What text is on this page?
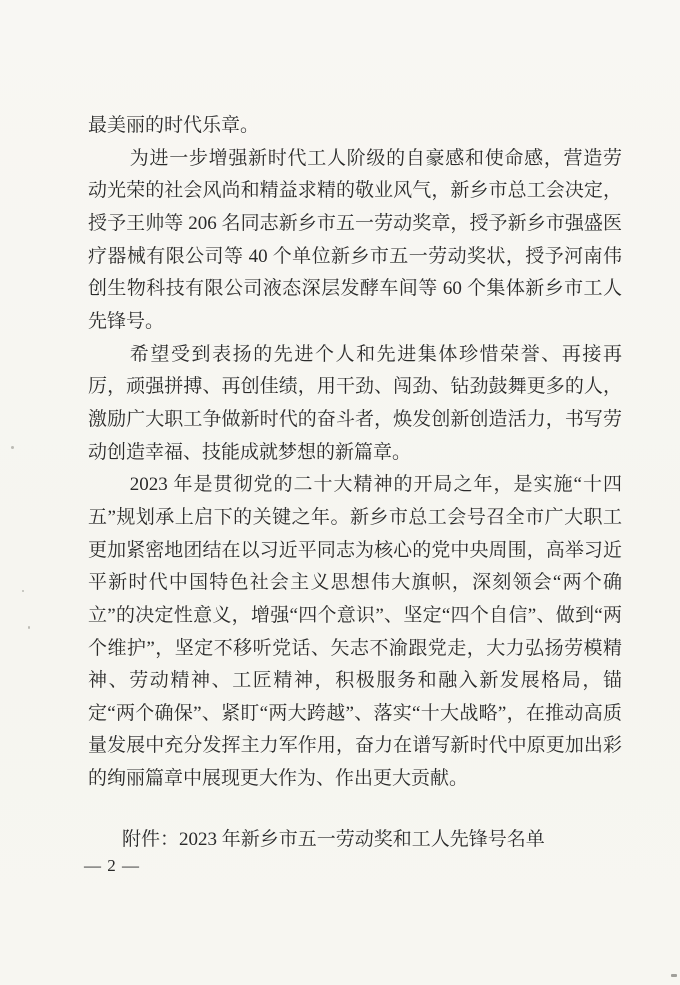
最美丽的时代乐章。

为进一步增强新时代工人阶级的自豪感和使命感，营造劳动光荣的社会风尚和精益求精的敬业风气，新乡市总工会决定，授予王帅等 206 名同志新乡市五一劳动奖章，授予新乡市强盛医疗器械有限公司等 40 个单位新乡市五一劳动奖状，授予河南伟创生物科技有限公司液态深层发酵车间等 60 个集体新乡市工人先锋号。

希望受到表扬的先进个人和先进集体珍惜荣誉、再接再厉，顽强拼搏、再创佳绩，用干劲、闯劲、钻劲鼓舞更多的人，激励广大职工争做新时代的奋斗者，焕发创新创造活力，书写劳动创造幸福、技能成就梦想的新篇章。

2023 年是贯彻党的二十大精神的开局之年，是实施“十四五”规划承上启下的关键之年。新乡市总工会号召全市广大职工更加紧密地团结在以习近平同志为核心的党中央周围，高举习近平新时代中国特色社会主义思想伟大旗帜，深刻领会“两个确立”的决定性意义，增强“四个意识”、坚定“四个自信”、做到“两个维护”，坚定不移听党话、矢志不渝跟党走，大力弘扬劳模精神、劳动精神、工匠精神，积极服务和融入新发展格局，锚定“两个确保”、紧盯“两大跨越”、落实“十大战略”，在推动高质量发展中充分发挥主力军作用，奋力在谱写新时代中原更加出彩的绚丽篇章中展现更大作为、作出更大贡献。

附件：2023 年新乡市五一劳动奖和工人先锋号名单
— 2 —
